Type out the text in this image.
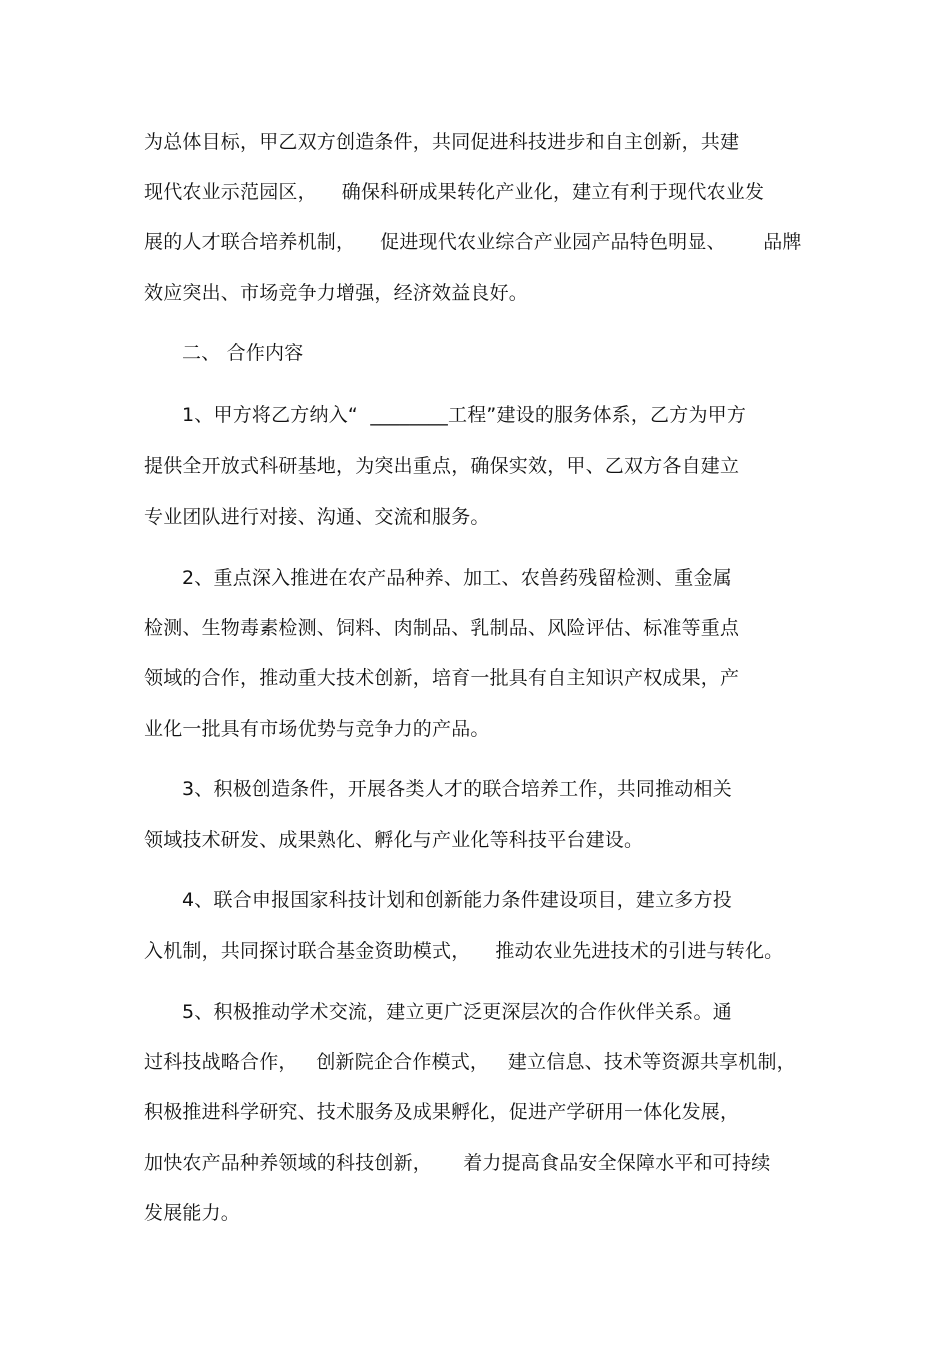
为总体目标，甲乙双方创造条件，共同促进科技进步和自主创新，共建
现代农业示范园区，    确保科研成果转化产业化，建立有利于现代农业发
展的人才联合培养机制，    促进现代农业综合产业园产品特色明显、      品牌
效应突出、市场竞争力增强，经济效益良好。
二、 合作内容
1、甲方将乙方纳入“  ________工程”建设的服务体系，乙方为甲方
提供全开放式科研基地，为突出重点，确保实效，甲、乙双方各自建立
专业团队进行对接、沟通、交流和服务。
2、重点深入推进在农产品种养、加工、农兽药残留检测、重金属
检测、生物毒素检测、饲料、肉制品、乳制品、风险评估、标准等重点
领域的合作，推动重大技术创新，培育一批具有自主知识产权成果，产
业化一批具有市场优势与竞争力的产品。
3、积极创造条件，开展各类人才的联合培养工作，共同推动相关
领域技术研发、成果熟化、孵化与产业化等科技平台建设。
4、联合申报国家科技计划和创新能力条件建设项目，建立多方投
入机制，共同探讨联合基金资助模式，    推动农业先进技术的引进与转化。
5、积极推动学术交流，建立更广泛更深层次的合作伙伴关系。通
过科技战略合作，   创新院企合作模式，   建立信息、技术等资源共享机制，
积极推进科学研究、技术服务及成果孵化，促进产学研用一体化发展，
加快农产品种养领域的科技创新，     着力提高食品安全保障水平和可持续
发展能力。
